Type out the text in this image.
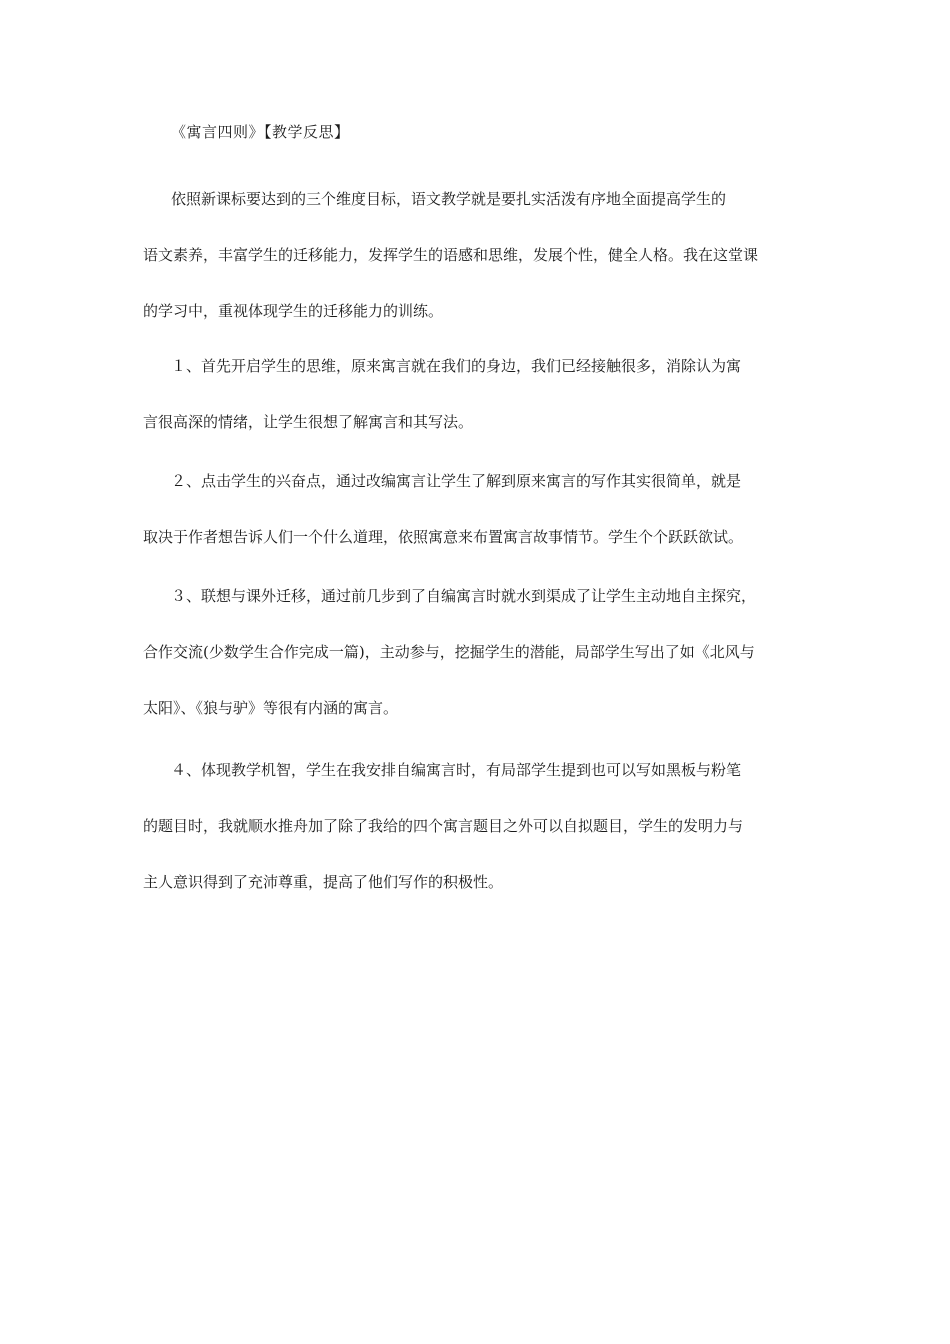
《寓言四则》【教学反思】
依照新课标要达到的三个维度目标，语文教学就是要扎实活泼有序地全面提高学生的
语文素养，丰富学生的迁移能力，发挥学生的语感和思维，发展个性，健全人格。我在这堂课
的学习中，重视体现学生的迁移能力的训练。
１、首先开启学生的思维，原来寓言就在我们的身边，我们已经接触很多，消除认为寓
言很高深的情绪，让学生很想了解寓言和其写法。
２、点击学生的兴奋点，通过改编寓言让学生了解到原来寓言的写作其实很简单，就是
取决于作者想告诉人们一个什么道理，依照寓意来布置寓言故事情节。学生个个跃跃欲试。
３、联想与课外迁移，通过前几步到了自编寓言时就水到渠成了让学生主动地自主探究，
合作交流(少数学生合作完成一篇)，主动参与，挖掘学生的潜能，局部学生写出了如《北风与
太阳》、《狼与驴》等很有内涵的寓言。
４、体现教学机智，学生在我安排自编寓言时，有局部学生提到也可以写如黑板与粉笔
的题目时，我就顺水推舟加了除了我给的四个寓言题目之外可以自拟题目，学生的发明力与
主人意识得到了充沛尊重，提高了他们写作的积极性。
